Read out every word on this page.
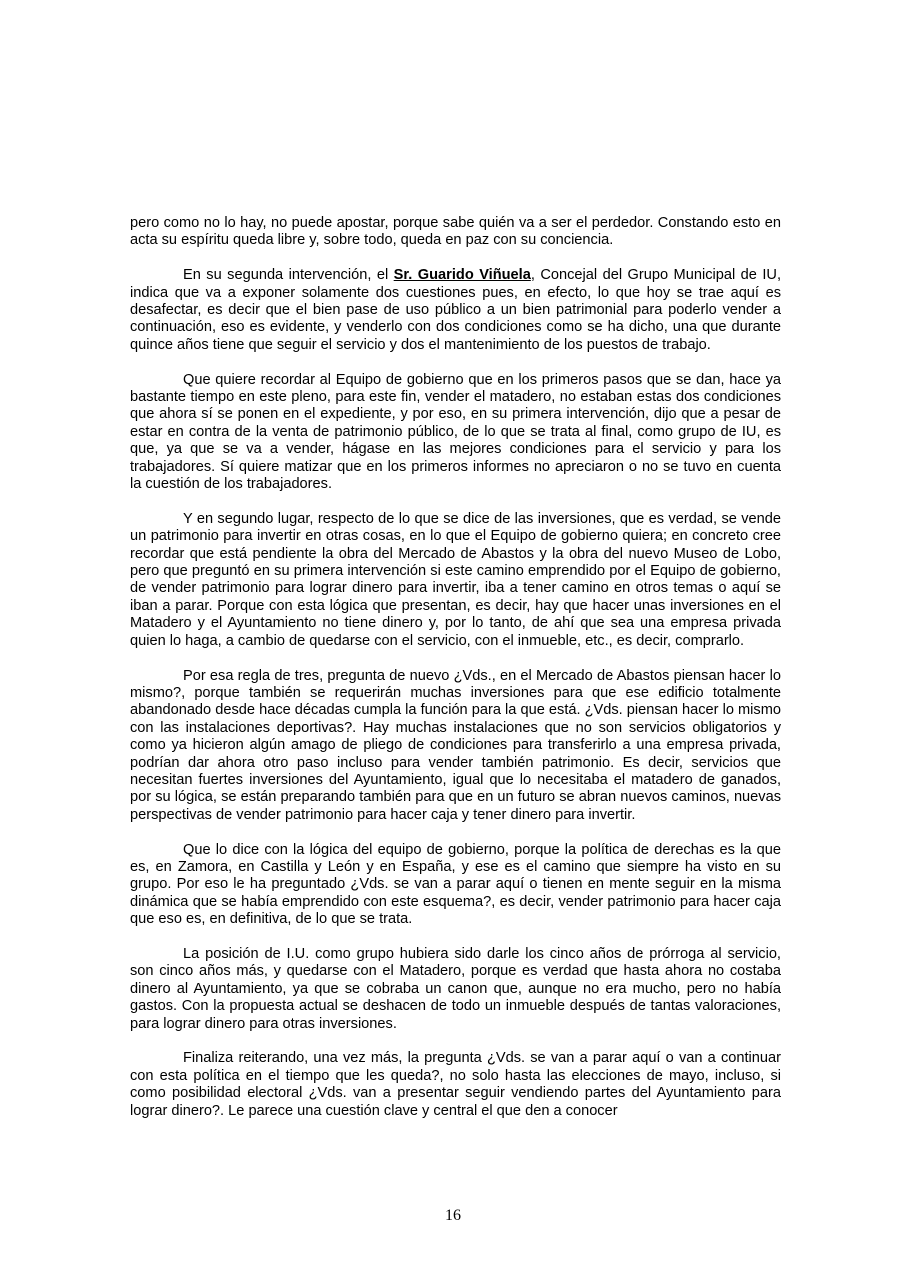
pero como no lo hay, no puede apostar, porque sabe quién va a ser el perdedor. Constando esto en acta su espíritu queda libre y, sobre todo, queda en paz con su conciencia.

En su segunda intervención, el Sr. Guarido Viñuela, Concejal del Grupo Municipal de IU, indica que va a exponer solamente dos cuestiones pues, en efecto, lo que hoy se trae aquí es desafectar, es decir que el bien pase de uso público a un bien patrimonial para poderlo vender a continuación, eso es evidente, y venderlo con dos condiciones como se ha dicho, una que durante quince años tiene que seguir el servicio y dos el mantenimiento de los puestos de trabajo.

Que quiere recordar al Equipo de gobierno que en los primeros pasos que se dan, hace ya bastante tiempo en este pleno, para este fin, vender el matadero, no estaban estas dos condiciones que ahora sí se ponen en el expediente, y por eso, en su primera intervención, dijo que a pesar de estar en contra de la venta de patrimonio público, de lo que se trata al final, como grupo de IU, es que, ya que se va a vender, hágase en las mejores condiciones para el servicio y para los trabajadores. Sí quiere matizar que en los primeros informes no apreciaron o no se tuvo en cuenta la cuestión de los trabajadores.

Y en segundo lugar, respecto de lo que se dice de las inversiones, que es verdad, se vende un patrimonio para invertir en otras cosas, en lo que el Equipo de gobierno quiera; en concreto cree recordar que está pendiente la obra del Mercado de Abastos y la obra del nuevo Museo de Lobo, pero que preguntó en su primera intervención si este camino emprendido por el Equipo de gobierno, de vender patrimonio para lograr dinero para invertir, iba a tener camino en otros temas o aquí se iban a parar. Porque con esta lógica que presentan, es decir, hay que hacer unas inversiones en el Matadero y el Ayuntamiento no tiene dinero y, por lo tanto, de ahí que sea una empresa privada quien lo haga, a cambio de quedarse con el servicio, con el inmueble, etc., es decir, comprarlo.

Por esa regla de tres, pregunta de nuevo ¿Vds., en el Mercado de Abastos piensan hacer lo mismo?, porque también se requerirán muchas inversiones para que ese edificio totalmente abandonado desde hace décadas cumpla la función para la que está. ¿Vds. piensan hacer lo mismo con las instalaciones deportivas?. Hay muchas instalaciones que no son servicios obligatorios y como ya hicieron algún amago de pliego de condiciones para transferirlo a una empresa privada, podrían dar ahora otro paso incluso para vender también patrimonio. Es decir, servicios que necesitan fuertes inversiones del Ayuntamiento, igual que lo necesitaba el matadero de ganados, por su lógica, se están preparando también para que en un futuro se abran nuevos caminos, nuevas perspectivas de vender patrimonio para hacer caja y tener dinero para invertir.

Que lo dice con la lógica del equipo de gobierno, porque la política de derechas es la que es, en Zamora, en Castilla y León y en España, y ese es el camino que siempre ha visto en su grupo. Por eso le ha preguntado ¿Vds. se van a parar aquí o tienen en mente seguir en la misma dinámica que se había emprendido con este esquema?, es decir, vender patrimonio para hacer caja que eso es, en definitiva, de lo que se trata.

La posición de I.U. como grupo hubiera sido darle los cinco años de prórroga al servicio, son cinco años más, y quedarse con el Matadero, porque es verdad que hasta ahora no costaba dinero al Ayuntamiento, ya que se cobraba un canon que, aunque no era mucho, pero no había gastos. Con la propuesta actual se deshacen de todo un inmueble después de tantas valoraciones, para lograr dinero para otras inversiones.

Finaliza reiterando, una vez más, la pregunta ¿Vds. se van a parar aquí o van a continuar con esta política en el tiempo que les queda?, no solo hasta las elecciones de mayo, incluso, si como posibilidad electoral ¿Vds. van a presentar seguir vendiendo partes del Ayuntamiento para lograr dinero?. Le parece una cuestión clave y central el que den a conocer

16
